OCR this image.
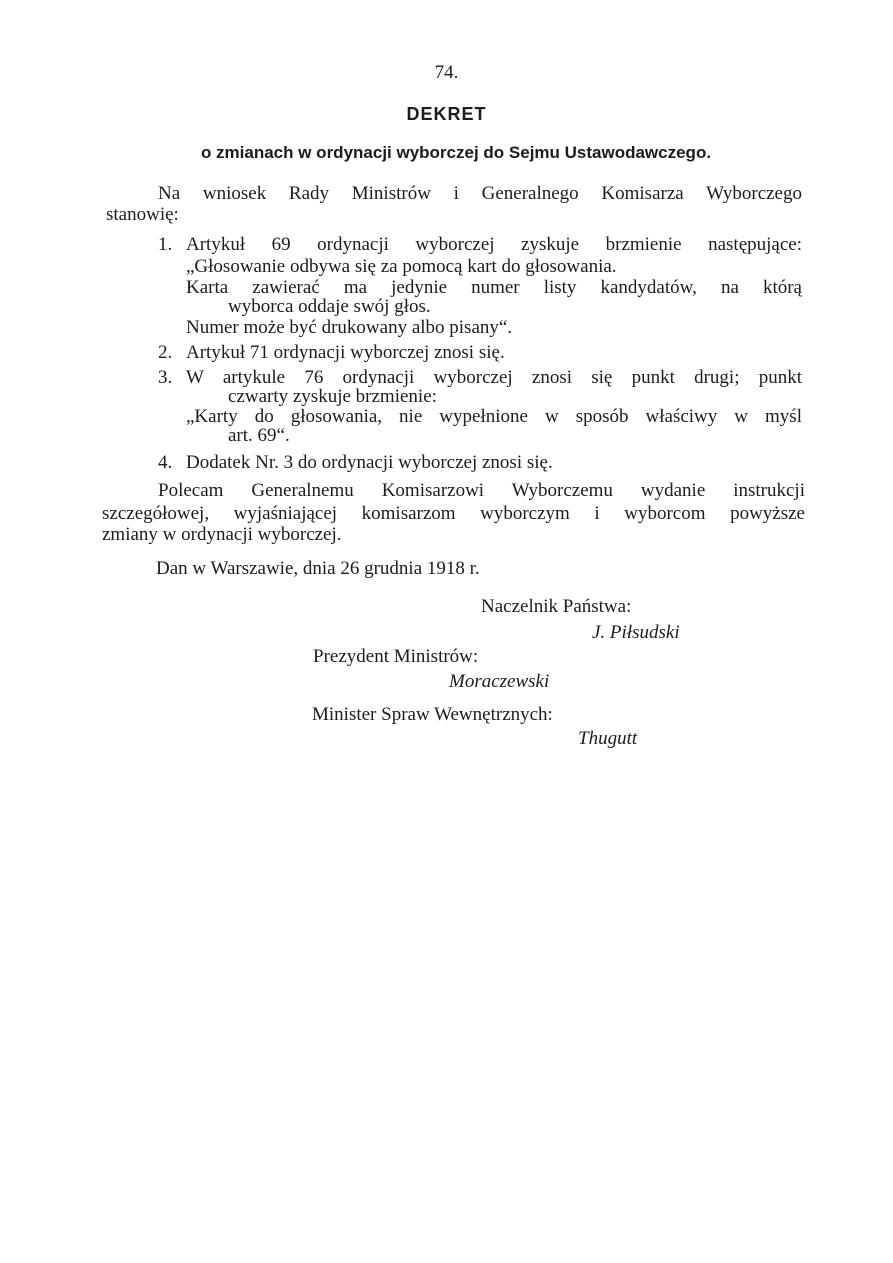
74.
DEKRET
o zmianach w ordynacji wyborczej do Sejmu Ustawodawczego.
Na wniosek Rady Ministrów i Generalnego Komisarza Wyborczego
stanowię:
1. Artykuł 69 ordynacji wyborczej zyskuje brzmienie następujące:
„Głosowanie odbywa się za pomocą kart do głosowania.
Karta zawierać ma jedynie numer listy kandydatów, na którą
wyborca oddaje swój głos.
Numer może być drukowany albo pisany“.
2. Artykuł 71 ordynacji wyborczej znosi się.
3. W artykule 76 ordynacji wyborczej znosi się punkt drugi; punkt
czwarty zyskuje brzmienie:
„Karty do głosowania, nie wypełnione w sposób właściwy w myśl
art. 69“.
4. Dodatek Nr. 3 do ordynacji wyborczej znosi się.
Polecam Generalnemu Komisarzowi Wyborczemu wydanie instrukcji
szczegółowej, wyjaśniającej komisarzom wyborczym i wyborcom powyższe
zmiany w ordynacji wyborczej.
Dan w Warszawie, dnia 26 grudnia 1918 r.
Naczelnik Państwa:
J. Piłsudski
Prezydent Ministrów:
Moraczewski
Minister Spraw Wewnętrznych:
Thugutt
